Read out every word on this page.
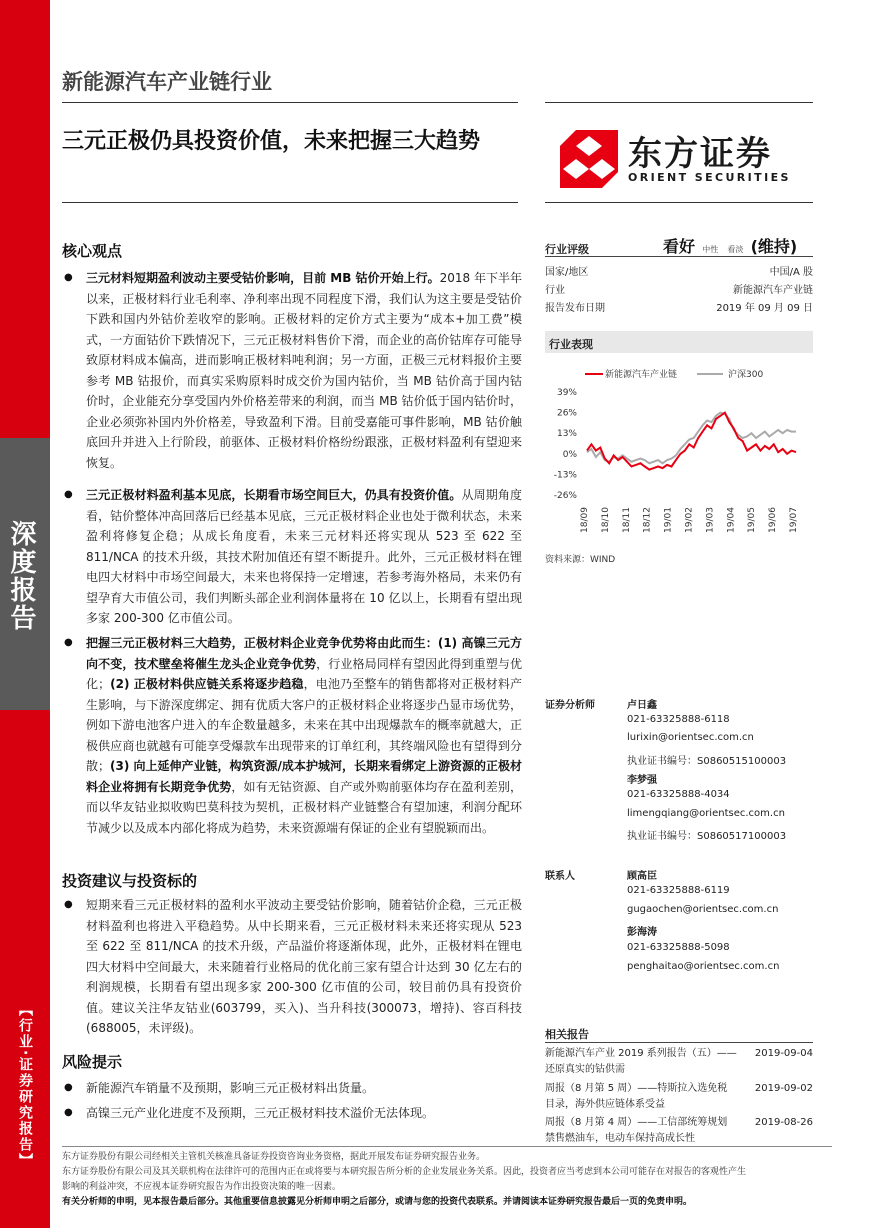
深度报告
【行业·证券研究报告】
新能源汽车产业链行业
三元正极仍具投资价值，未来把握三大趋势	东方证券
ORIENT SECURITIES
核心观点
● 三元材料短期盈利波动主要受钴价影响，目前 MB 钴价开始上行。2018 年下半年以来，正极材料行业毛利率、净利率出现不同程度下滑，我们认为这主要是受钴价下跌和国内外钴价差收窄的影响。正极材料的定价方式主要为“成本+加工费”模式，一方面钴价下跌情况下，三元正极材料售价下滑，而企业的高价钴库存可能导致原材料成本偏高，进而影响正极材料吨利润；另一方面，正极三元材料报价主要参考 MB 钴报价，而真实采购原料时成交价为国内钴价，当 MB 钴价高于国内钴价时，企业能充分享受国内外价格差带来的利润，而当 MB 钴价低于国内钴价时，企业必须弥补国内外价格差，导致盈利下滑。目前受嘉能可事件影响，MB 钴价触底回升并进入上行阶段，前驱体、正极材料价格纷纷跟涨，正极材料盈利有望迎来恢复。
● 三元正极材料盈利基本见底，长期看市场空间巨大，仍具有投资价值。从周期角度看，钴价整体冲高回落后已经基本见底，三元正极材料企业也处于微利状态，未来盈利将修复企稳；从成长角度看，未来三元材料还将实现从 523 至 622 至 811/NCA 的技术升级，其技术附加值还有望不断提升。此外，三元正极材料在锂电四大材料中市场空间最大，未来也将保持一定增速，若参考海外格局，未来仍有望孕育大市值公司，我们判断头部企业利润体量将在 10 亿以上，长期看有望出现多家 200-300 亿市值公司。
● 把握三元正极材料三大趋势，正极材料企业竞争优势将由此而生：(1) 高镍三元方向不变，技术壁垒将催生龙头企业竞争优势，行业格局同样有望因此得到重塑与优化；(2) 正极材料供应链关系将逐步趋稳，电池乃至整车的销售都将对正极材料产生影响，与下游深度绑定、拥有优质大客户的正极材料企业将逐步凸显市场优势，例如下游电池客户进入的车企数量越多，未来在其中出现爆款车的概率就越大，正极供应商也就越有可能享受爆款车出现带来的订单红利，其终端风险也有望得到分散；(3) 向上延伸产业链，构筑资源/成本护城河，长期来看绑定上游资源的正极材料企业将拥有长期竞争优势，如有无钴资源、自产或外购前驱体均存在盈利差别，而以华友钴业拟收购巴莫科技为契机，正极材料产业链整合有望加速，利润分配环节减少以及成本内部化将成为趋势，未来资源端有保证的企业有望脱颖而出。
投资建议与投资标的
● 短期来看三元正极材料的盈利水平波动主要受钴价影响，随着钴价企稳，三元正极材料盈利也将进入平稳趋势。从中长期来看，三元正极材料未来还将实现从 523 至 622 至 811/NCA 的技术升级，产品溢价将逐渐体现，此外，正极材料在锂电四大材料中空间最大，未来随着行业格局的优化前三家有望合计达到 30 亿左右的利润规模，长期看有望出现多家 200-300 亿市值的公司，较目前仍具有投资价值。建议关注华友钴业(603799，买入)、当升科技(300073，增持)、容百科技(688005，未评级)。
风险提示
● 新能源汽车销量不及预期，影响三元正极材料出货量。
● 高镍三元产业化进度不及预期，三元正极材料技术溢价无法体现。
行业评级	看好 中性 看淡 (维持)
国家/地区	中国/A 股
行业	新能源汽车产业链
报告发布日期	2019 年 09 月 09 日
行业表现
新能源汽车产业链	沪深300
39%
26%
13%
0%
-13%
-26%
18/09 18/10 18/11 18/12 19/01 19/02 19/03 19/04 19/05 19/06 19/07
资料来源：WIND
证券分析师	卢日鑫
021-63325888-6118
lurixin@orientsec.com.cn
执业证书编号：S0860515100003
李梦强
021-63325888-4034
limengqiang@orientsec.com.cn
执业证书编号：S0860517100003
联系人	顾高臣
021-63325888-6119
gugaochen@orientsec.com.cn
彭海涛
021-63325888-5098
penghaitao@orientsec.com.cn
相关报告
新能源汽车产业 2019 系列报告（五）——
还原真实的钴供需
2019-09-04
周报（8 月第 5 周）——特斯拉入选免税
目录，海外供应链体系受益
2019-09-02
周报（8 月第 4 周）——工信部统筹规划
禁售燃油车，电动车保持高成长性
2019-08-26
东方证券股份有限公司经相关主管机关核准具备证券投资咨询业务资格，据此开展发布证券研究报告业务。
东方证券股份有限公司及其关联机构在法律许可的范围内正在或将要与本研究报告所分析的企业发展业务关系。因此，投资者应当考虑到本公司可能存在对报告的客观性产生
影响的利益冲突，不应视本证券研究报告为作出投资决策的唯一因素。
有关分析师的申明，见本报告最后部分。其他重要信息披露见分析师申明之后部分，或请与您的投资代表联系。并请阅读本证券研究报告最后一页的免责申明。
